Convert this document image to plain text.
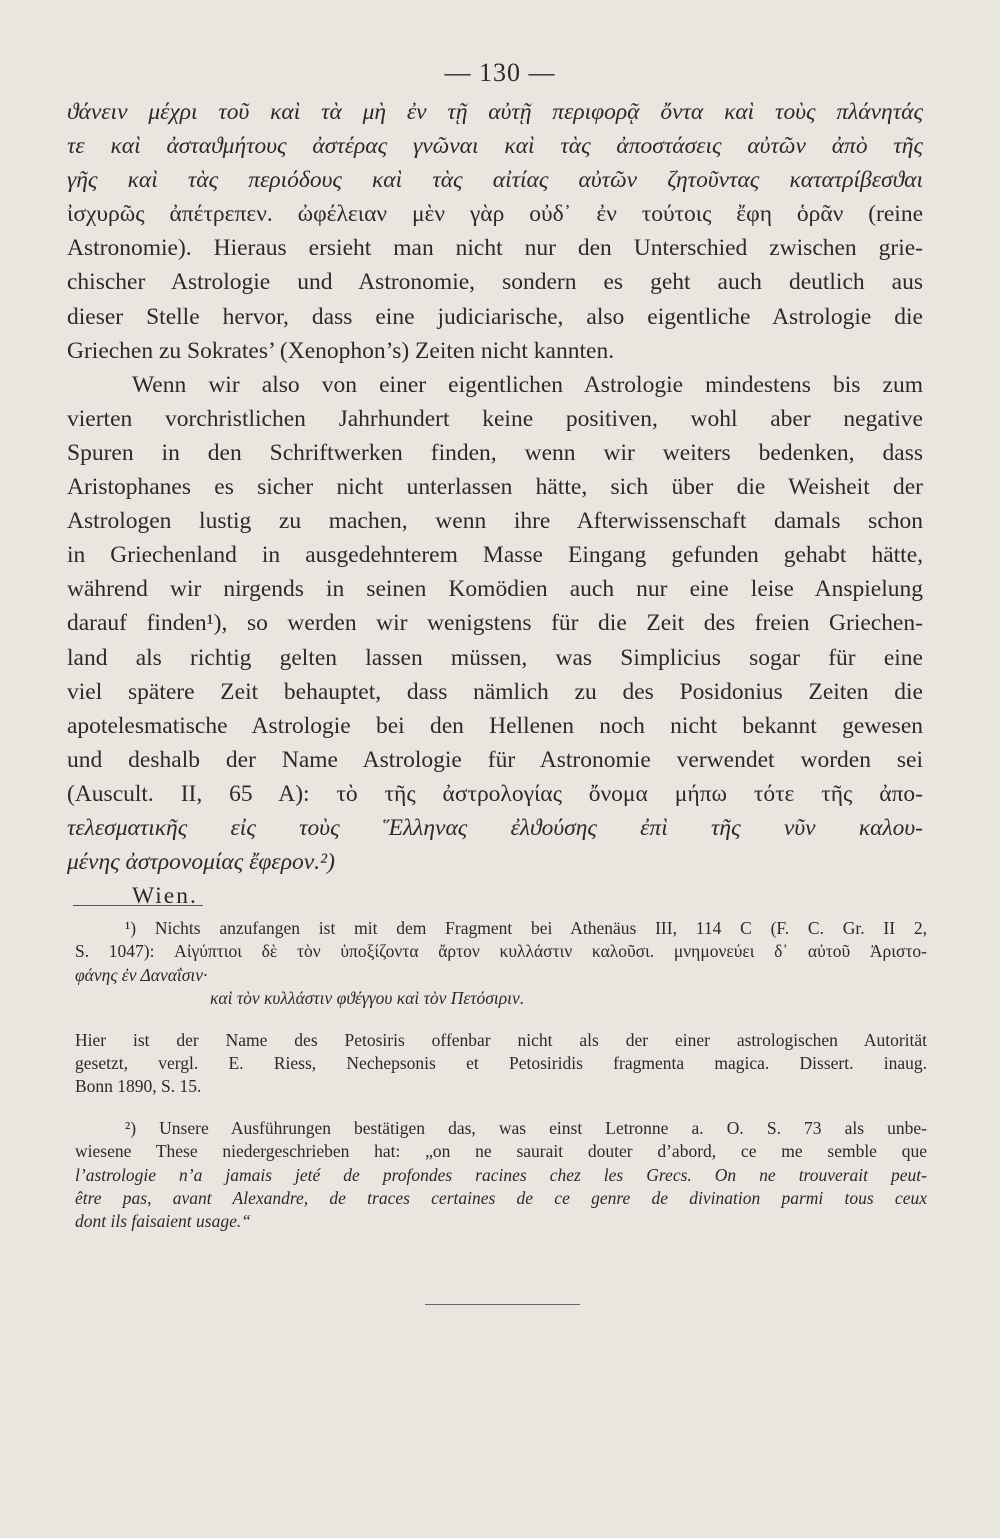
— 130 —
ϑάνειν μέχρι τοῦ καὶ τὰ μὴ ἐν τῇ αὐτῇ περιφορᾷ ὄντα καὶ τοὺς πλάνητάς
τε καὶ ἀσταϑμήτους ἀστέρας γνῶναι καὶ τὰς ἀποστάσεις αὐτῶν ἀπὸ τῆς
γῆς καὶ τὰς περιόδους καὶ τὰς αἰτίας αὐτῶν ζητοῦντας κατατρίβεσϑαι
ἰσχυρῶς ἀπέτρεπεν. ὠφέλειαν μὲν γὰρ οὐδ᾽ ἐν τούτοις ἔφη ὁρᾶν (reine
Astronomie). Hieraus ersieht man nicht nur den Unterschied zwischen grie-
chischer Astrologie und Astronomie, sondern es geht auch deutlich aus
dieser Stelle hervor, dass eine judiciarische, also eigentliche Astrologie die
Griechen zu Sokrates’ (Xenophon’s) Zeiten nicht kannten.
Wenn wir also von einer eigentlichen Astrologie mindestens bis zum
vierten vorchristlichen Jahrhundert keine positiven, wohl aber negative
Spuren in den Schriftwerken finden, wenn wir weiters bedenken, dass
Aristophanes es sicher nicht unterlassen hätte, sich über die Weisheit der
Astrologen lustig zu machen, wenn ihre Afterwissenschaft damals schon
in Griechenland in ausgedehnterem Masse Eingang gefunden gehabt hätte,
während wir nirgends in seinen Komödien auch nur eine leise Anspielung
darauf finden¹), so werden wir wenigstens für die Zeit des freien Griechen-
land als richtig gelten lassen müssen, was Simplicius sogar für eine
viel spätere Zeit behauptet, dass nämlich zu des Posidonius Zeiten die
apotelesmatische Astrologie bei den Hellenen noch nicht bekannt gewesen
und deshalb der Name Astrologie für Astronomie verwendet worden sei
(Auscult. II, 65 A): τὸ τῆς ἀστρολογίας ὄνομα μήπω τότε τῆς ἀπο-
τελεσματικῆς εἰς τοὺς Ἕλληνας ἐλϑούσης ἐπὶ τῆς νῦν καλου-
μένης ἀστρονομίας ἔφερον.²)
Wien.
¹) Nichts anzufangen ist mit dem Fragment bei Athenäus III, 114 C (F. C. Gr. II 2,
S. 1047): Αἰγύπτιοι δὲ τὸν ὑποξίζοντα ἄρτον κυλλάστιν καλοῦσι. μνημονεύει δ᾽ αὐτοῦ Ἀριστο-
φάνης ἐν Δαναΐσιν·
καὶ τὸν κυλλάστιν φϑέγγου καὶ τὸν Πετόσιριν.
Hier ist der Name des Petosiris offenbar nicht als der einer astrologischen Autorität
gesetzt, vergl. E. Riess, Nechepsonis et Petosiridis fragmenta magica. Dissert. inaug.
Bonn 1890, S. 15.
²) Unsere Ausführungen bestätigen das, was einst Letronne a. O. S. 73 als unbe-
wiesene These niedergeschrieben hat: „on ne saurait douter d’abord, ce me semble que
l’astrologie n’a jamais jeté de profondes racines chez les Grecs. On ne trouverait peut-
être pas, avant Alexandre, de traces certaines de ce genre de divination parmi tous ceux
dont ils faisaient usage.“
